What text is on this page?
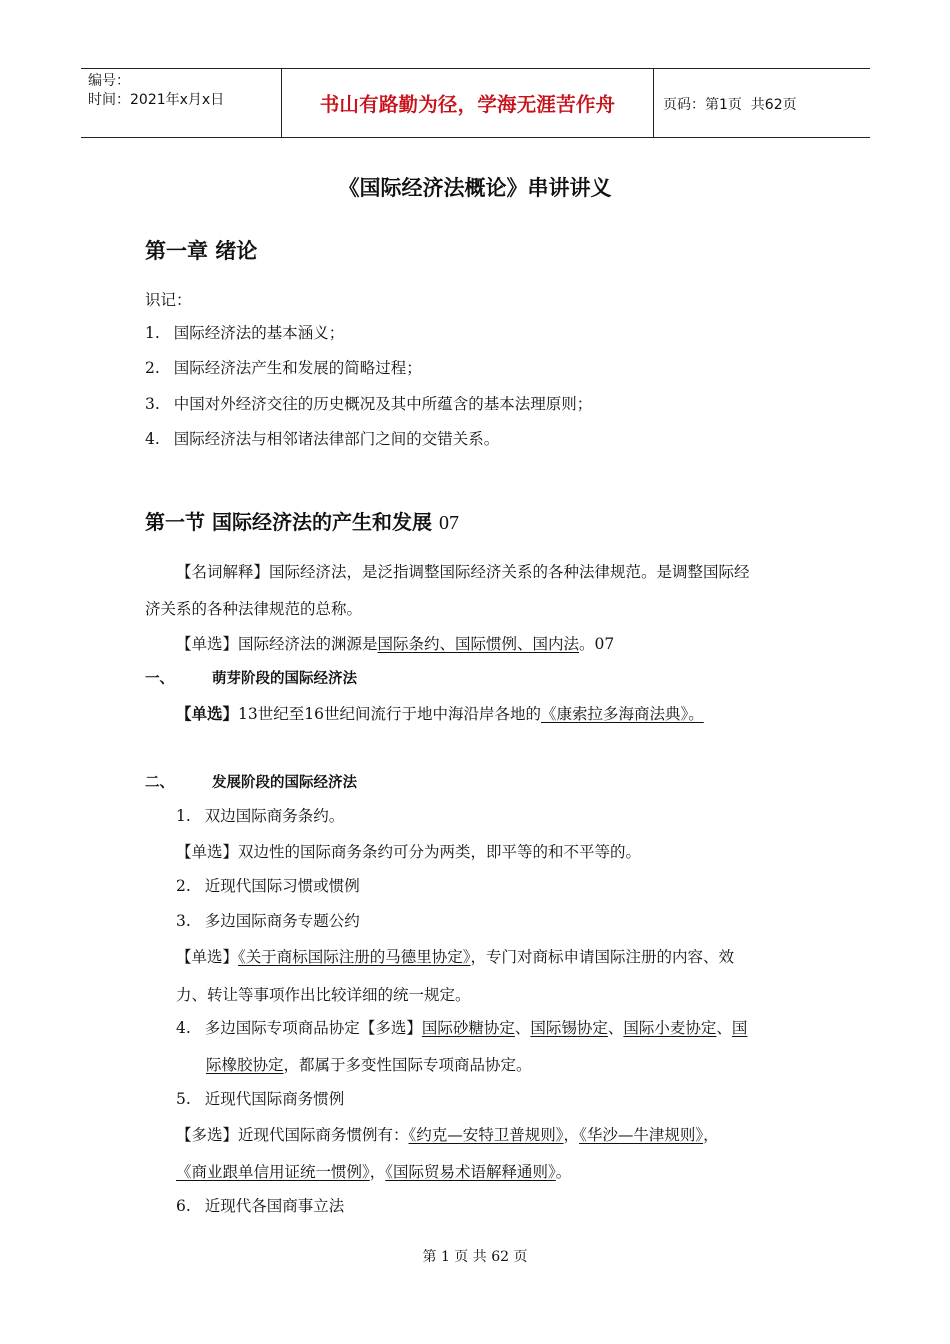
编号：
时间：2021年x月x日	书山有路勤为径，学海无涯苦作舟	页码：第1页  共62页
《国际经济法概论》串讲讲义
第一章 绪论
识记：
1. 国际经济法的基本涵义；
2. 国际经济法产生和发展的简略过程；
3. 中国对外经济交往的历史概况及其中所蕴含的基本法理原则；
4. 国际经济法与相邻诸法律部门之间的交错关系。
第一节 国际经济法的产生和发展 07
【名词解释】国际经济法，是泛指调整国际经济关系的各种法律规范。是调整国际经
济关系的各种法律规范的总称。
【单选】国际经济法的渊源是国际条约、国际惯例、国内法。07
一、	萌芽阶段的国际经济法
【单选】13世纪至16世纪间流行于地中海沿岸各地的《康索拉多海商法典》。
二、	发展阶段的国际经济法
1. 双边国际商务条约。
【单选】双边性的国际商务条约可分为两类，即平等的和不平等的。
2. 近现代国际习惯或惯例
3. 多边国际商务专题公约
【单选】《关于商标国际注册的马德里协定》，专门对商标申请国际注册的内容、效
力、转让等事项作出比较详细的统一规定。
4. 多边国际专项商品协定【多选】国际砂糖协定、国际锡协定、国际小麦协定、国
际橡胶协定，都属于多变性国际专项商品协定。
5. 近现代国际商务惯例
【多选】近现代国际商务惯例有：《约克—安特卫普规则》，《华沙—牛津规则》，
《商业跟单信用证统一惯例》，《国际贸易术语解释通则》。
6. 近现代各国商事立法
第 1 页 共 62 页
